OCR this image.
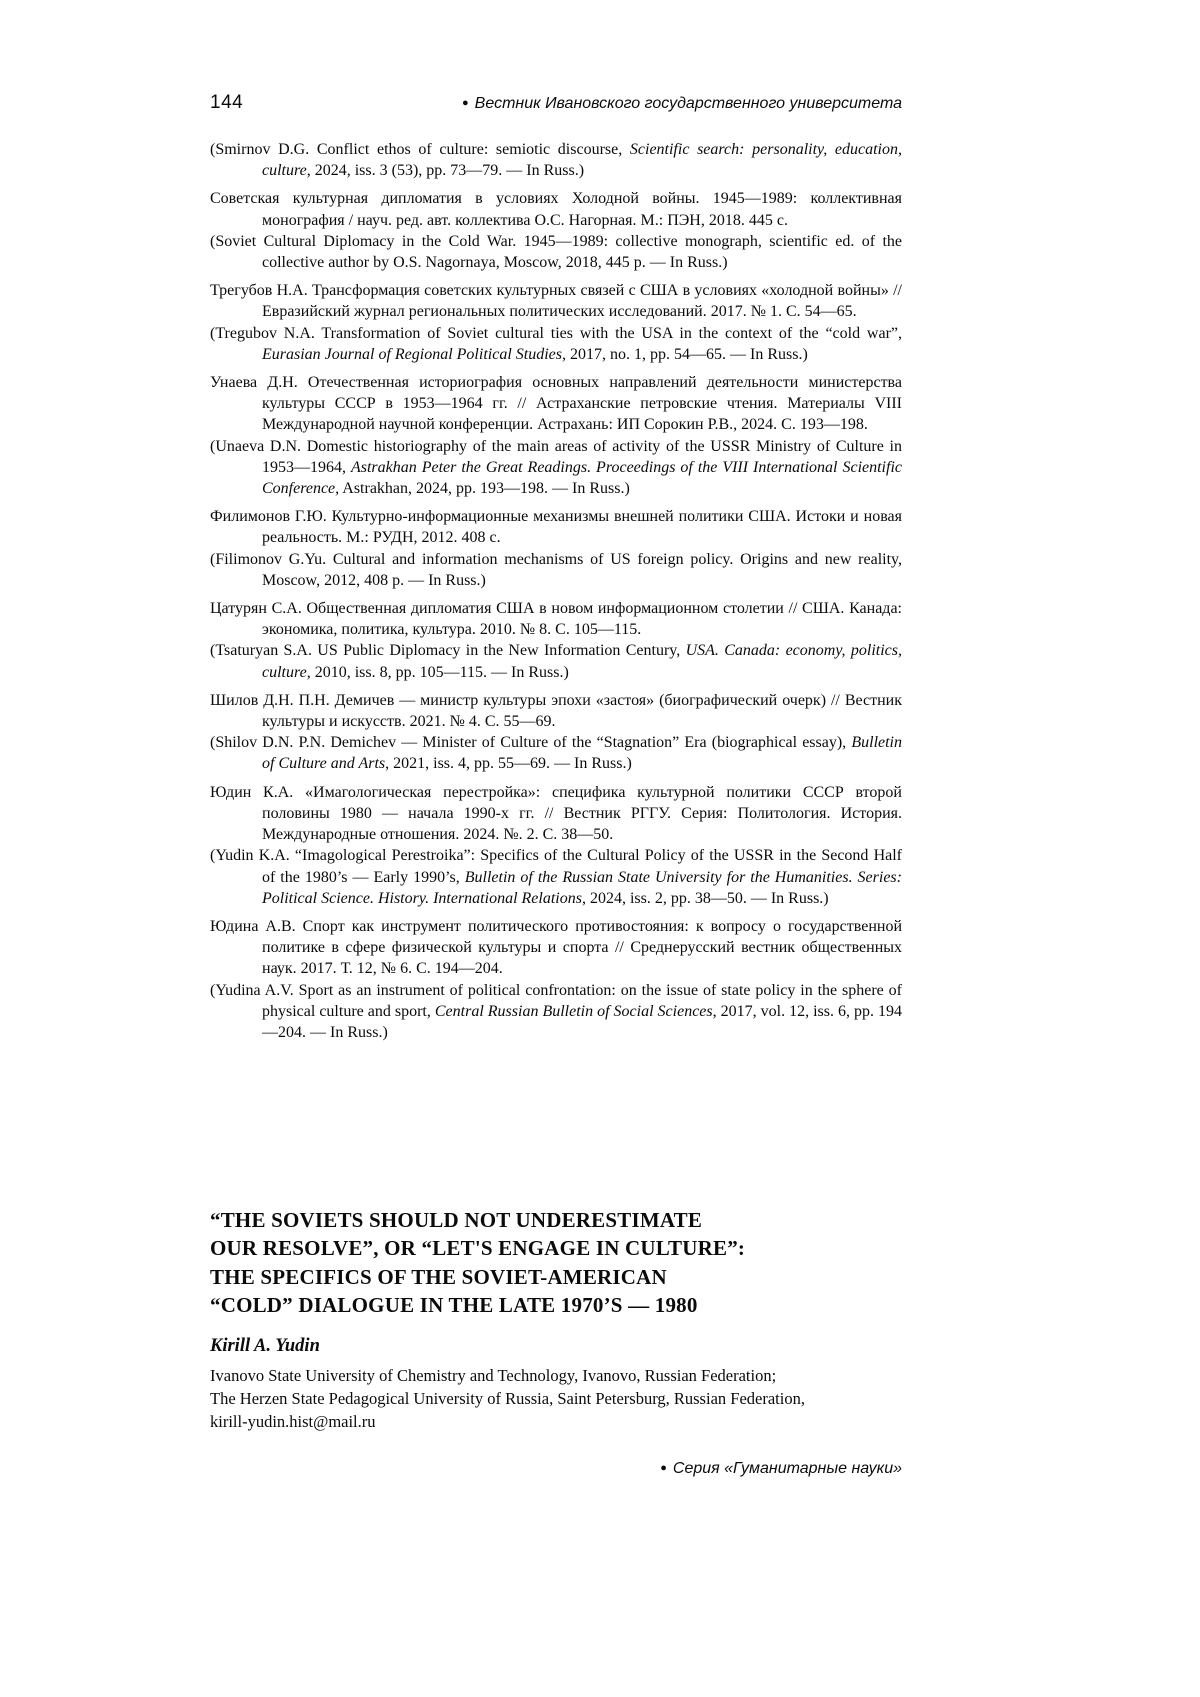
144	● Вестник Ивановского государственного университета

(Smirnov D.G. Conflict ethos of culture: semiotic discourse, Scientific search: personality, education, culture, 2024, iss. 3 (53), pp. 73—79. — In Russ.)

Советская культурная дипломатия в условиях Холодной войны. 1945—1989: коллективная монография / науч. ред. авт. коллектива О.С. Нагорная. М.: ПЭН, 2018. 445 с.

(Soviet Cultural Diplomacy in the Cold War. 1945—1989: collective monograph, scientific ed. of the collective author by O.S. Nagornaya, Moscow, 2018, 445 p. — In Russ.)

Трегубов Н.А. Трансформация советских культурных связей с США в условиях «холодной войны» // Евразийский журнал региональных политических исследований. 2017. № 1. С. 54—65.

(Tregubov N.A. Transformation of Soviet cultural ties with the USA in the context of the “cold war”, Eurasian Journal of Regional Political Studies, 2017, no. 1, pp. 54—65. — In Russ.)

Унаева Д.Н. Отечественная историография основных направлений деятельности министерства культуры СССР в 1953—1964 гг. // Астраханские петровские чтения. Материалы VIII Международной научной конференции. Астрахань: ИП Сорокин Р.В., 2024. С. 193—198.

(Unaeva D.N. Domestic historiography of the main areas of activity of the USSR Ministry of Culture in 1953—1964, Astrakhan Peter the Great Readings. Proceedings of the VIII International Scientific Conference, Astrakhan, 2024, pp. 193—198. — In Russ.)

Филимонов Г.Ю. Культурно-информационные механизмы внешней политики США. Истоки и новая реальность. М.: РУДН, 2012. 408 с.

(Filimonov G.Yu. Cultural and information mechanisms of US foreign policy. Origins and new reality, Moscow, 2012, 408 p. — In Russ.)

Цатурян С.А. Общественная дипломатия США в новом информационном столетии // США. Канада: экономика, политика, культура. 2010. № 8. С. 105—115.

(Tsaturyan S.A. US Public Diplomacy in the New Information Century, USA. Canada: economy, politics, culture, 2010, iss. 8, pp. 105—115. — In Russ.)

Шилов Д.Н. П.Н. Демичев — министр культуры эпохи «застоя» (биографический очерк) // Вестник культуры и искусств. 2021. № 4. С. 55—69.

(Shilov D.N. P.N. Demichev — Minister of Culture of the “Stagnation” Era (biographical essay), Bulletin of Culture and Arts, 2021, iss. 4, pp. 55—69. — In Russ.)

Юдин К.А. «Имагологическая перестройка»: специфика культурной политики СССР второй половины 1980 — начала 1990-х гг. // Вестник РГГУ. Серия: Политология. История. Международные отношения. 2024. №. 2. С. 38—50.

(Yudin K.A. “Imagological Perestroika”: Specifics of the Cultural Policy of the USSR in the Second Half of the 1980’s — Early 1990’s, Bulletin of the Russian State University for the Humanities. Series: Political Science. History. International Relations, 2024, iss. 2, pp. 38—50. — In Russ.)

Юдина А.В. Спорт как инструмент политического противостояния: к вопросу о государственной политике в сфере физической культуры и спорта // Среднерусский вестник общественных наук. 2017. Т. 12, № 6. С. 194—204.

(Yudina A.V. Sport as an instrument of political confrontation: on the issue of state policy in the sphere of physical culture and sport, Central Russian Bulletin of Social Sciences, 2017, vol. 12, iss. 6, pp. 194—204. — In Russ.)

“THE SOVIETS SHOULD NOT UNDERESTIMATE
OUR RESOLVE”, OR “LET'S ENGAGE IN CULTURE”:
THE SPECIFICS OF THE SOVIET-AMERICAN
“COLD” DIALOGUE IN THE LATE 1970’S — 1980
Kirill A. Yudin
Ivanovo State University of Chemistry and Technology, Ivanovo, Russian Federation;
The Herzen State Pedagogical University of Russia, Saint Petersburg, Russian Federation,
kirill-yudin.hist@mail.ru
● Серия «Гуманитарные науки»
